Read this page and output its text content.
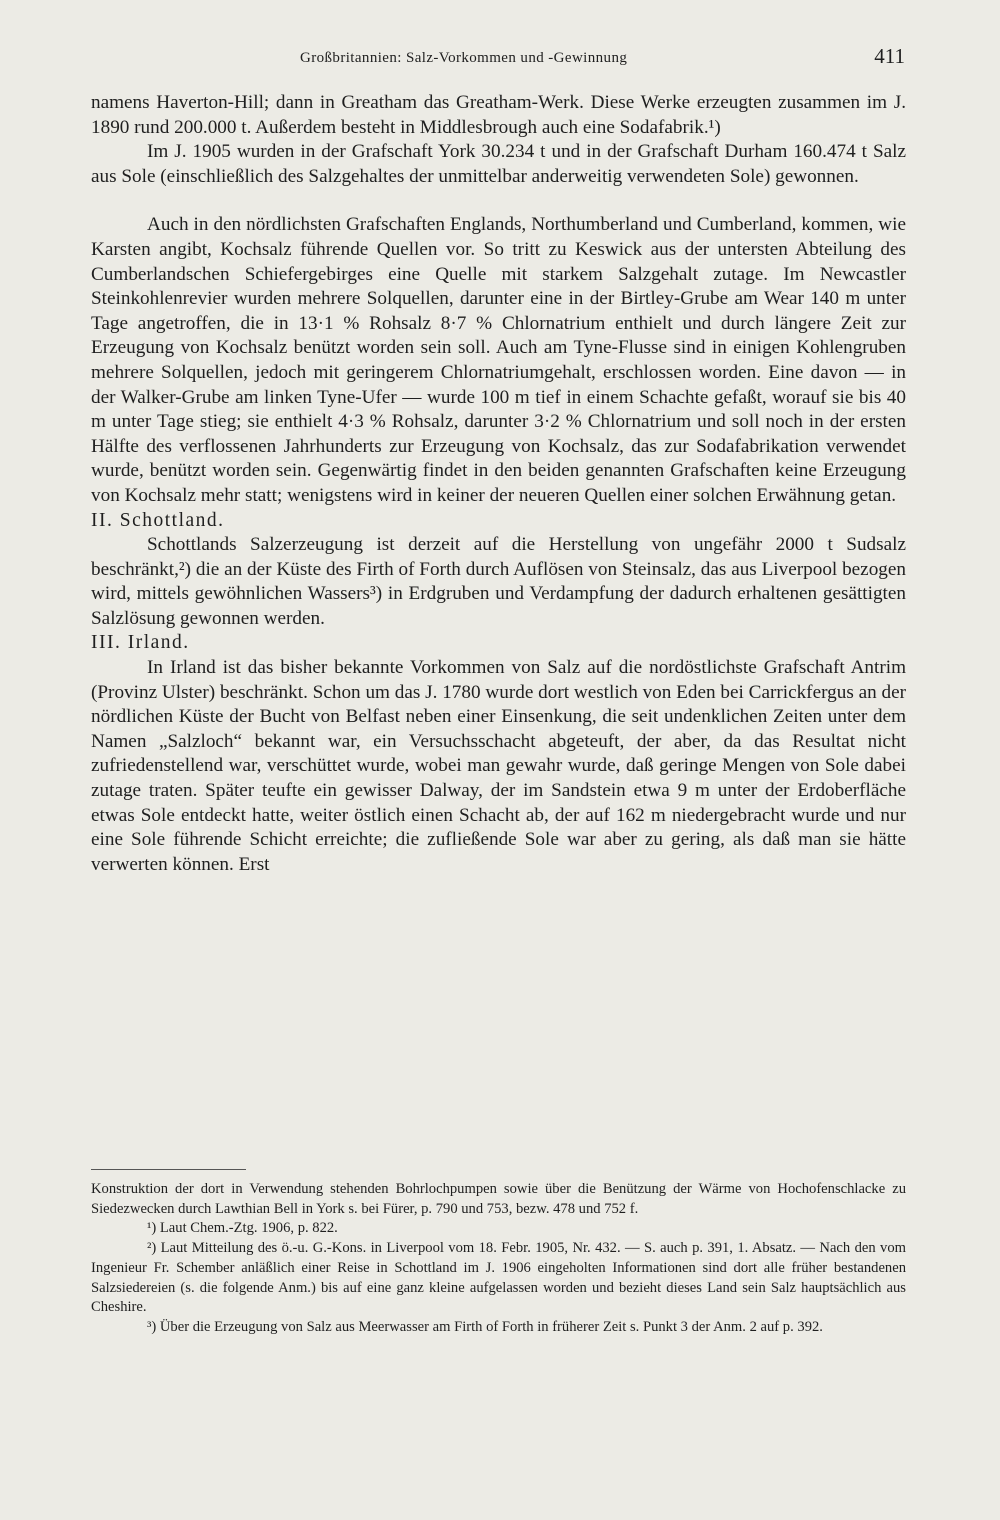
Großbritannien: Salz-Vorkommen und -Gewinnung	411

namens Haverton-Hill; dann in Greatham das Greatham-Werk. Diese Werke erzeugten zusammen im J. 1890 rund 200.000 t. Außerdem besteht in Middlesbrough auch eine Sodafabrik.¹)

Im J. 1905 wurden in der Grafschaft York 30.234 t und in der Grafschaft Durham 160.474 t Salz aus Sole (einschließlich des Salzgehaltes der unmittelbar anderweitig verwendeten Sole) gewonnen.

Auch in den nördlichsten Grafschaften Englands, Northumberland und Cumberland, kommen, wie Karsten angibt, Kochsalz führende Quellen vor. So tritt zu Keswick aus der untersten Abteilung des Cumberlandschen Schiefergebirges eine Quelle mit starkem Salzgehalt zutage. Im Newcastler Steinkohlenrevier wurden mehrere Solquellen, darunter eine in der Birtley-Grube am Wear 140 m unter Tage angetroffen, die in 13·1 % Rohsalz 8·7 % Chlornatrium enthielt und durch längere Zeit zur Erzeugung von Kochsalz benützt worden sein soll. Auch am Tyne-Flusse sind in einigen Kohlengruben mehrere Solquellen, jedoch mit geringerem Chlornatriumgehalt, erschlossen worden. Eine davon — in der Walker-Grube am linken Tyne-Ufer — wurde 100 m tief in einem Schachte gefaßt, worauf sie bis 40 m unter Tage stieg; sie enthielt 4·3 % Rohsalz, darunter 3·2 % Chlornatrium und soll noch in der ersten Hälfte des verflossenen Jahrhunderts zur Erzeugung von Kochsalz, das zur Sodafabrikation verwendet wurde, benützt worden sein. Gegenwärtig findet in den beiden genannten Grafschaften keine Erzeugung von Kochsalz mehr statt; wenigstens wird in keiner der neueren Quellen einer solchen Erwähnung getan.

II. Schottland.

Schottlands Salzerzeugung ist derzeit auf die Herstellung von ungefähr 2000 t Sudsalz beschränkt,²) die an der Küste des Firth of Forth durch Auflösen von Steinsalz, das aus Liverpool bezogen wird, mittels gewöhnlichen Wassers³) in Erdgruben und Verdampfung der dadurch erhaltenen gesättigten Salzlösung gewonnen werden.

III. Irland.

In Irland ist das bisher bekannte Vorkommen von Salz auf die nordöstlichste Grafschaft Antrim (Provinz Ulster) beschränkt. Schon um das J. 1780 wurde dort westlich von Eden bei Carrickfergus an der nördlichen Küste der Bucht von Belfast neben einer Einsenkung, die seit undenklichen Zeiten unter dem Namen „Salzloch“ bekannt war, ein Versuchsschacht abgeteuft, der aber, da das Resultat nicht zufriedenstellend war, verschüttet wurde, wobei man gewahr wurde, daß geringe Mengen von Sole dabei zutage traten. Später teufte ein gewisser Dalway, der im Sandstein etwa 9 m unter der Erdoberfläche etwas Sole entdeckt hatte, weiter östlich einen Schacht ab, der auf 162 m niedergebracht wurde und nur eine Sole führende Schicht erreichte; die zufließende Sole war aber zu gering, als daß man sie hätte verwerten können. Erst

Konstruktion der dort in Verwendung stehenden Bohrlochpumpen sowie über die Benützung der Wärme von Hochofenschlacke zu Siedezwecken durch Lawthian Bell in York s. bei Fürer, p. 790 und 753, bezw. 478 und 752 f.

¹) Laut Chem.-Ztg. 1906, p. 822.

²) Laut Mitteilung des ö.-u. G.-Kons. in Liverpool vom 18. Febr. 1905, Nr. 432. — S. auch p. 391, 1. Absatz. — Nach den vom Ingenieur Fr. Schember anläßlich einer Reise in Schottland im J. 1906 eingeholten Informationen sind dort alle früher bestandenen Salzsiedereien (s. die folgende Anm.) bis auf eine ganz kleine aufgelassen worden und bezieht dieses Land sein Salz hauptsächlich aus Cheshire.

³) Über die Erzeugung von Salz aus Meerwasser am Firth of Forth in früherer Zeit s. Punkt 3 der Anm. 2 auf p. 392.
